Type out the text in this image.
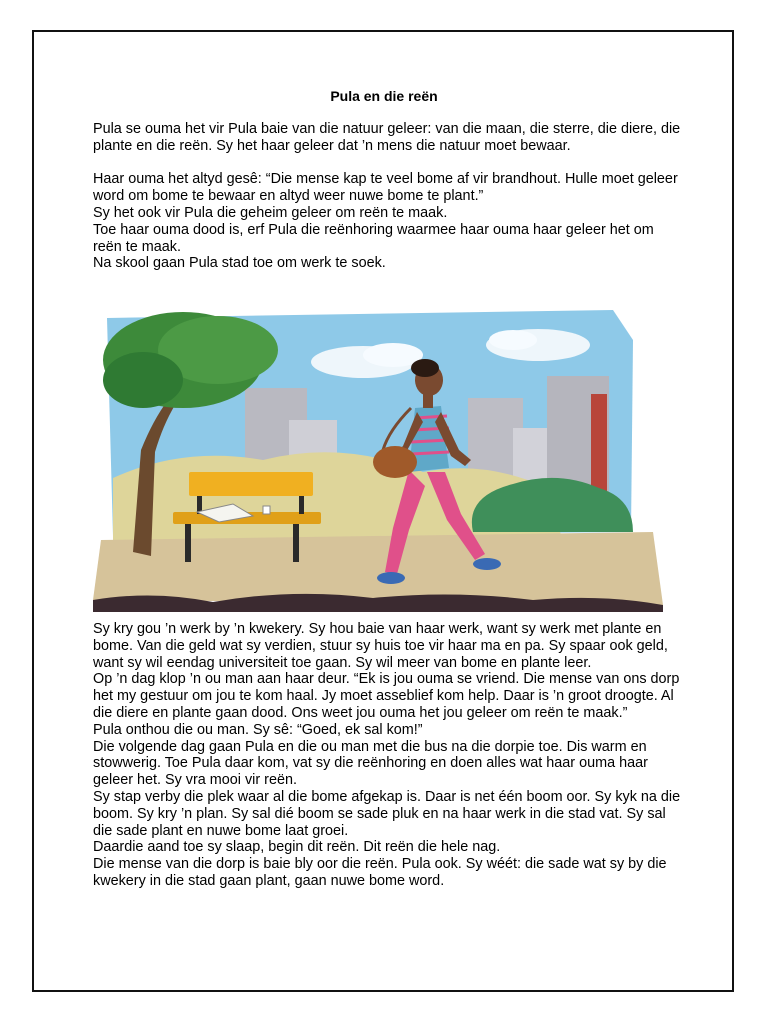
Pula en die reën

Pula se ouma het vir Pula baie van die natuur geleer: van die maan, die sterre, die diere, die plante en die reën. Sy het haar geleer dat ’n mens die natuur moet bewaar.

Haar ouma het altyd gesê: “Die mense kap te veel bome af vir brandhout. Hulle moet geleer word om bome te bewaar en altyd weer nuwe bome te plant.”

Sy het ook vir Pula die geheim geleer om reën te maak.

Toe haar ouma dood is, erf Pula die reënhoring waarmee haar ouma haar geleer het om reën te maak.

Na skool gaan Pula stad toe om werk te soek.

Sy kry gou ’n werk by ’n kwekery. Sy hou baie van haar werk, want sy werk met plante en bome. Van die geld wat sy verdien, stuur sy huis toe vir haar ma en pa. Sy spaar ook geld, want sy wil eendag universiteit toe gaan. Sy wil meer van bome en plante leer.

Op ’n dag klop ’n ou man aan haar deur. “Ek is jou ouma se vriend. Die mense van ons dorp het my gestuur om jou te kom haal. Jy moet asseblief kom help. Daar is ’n groot droogte. Al die diere en plante gaan dood. Ons weet jou ouma het jou geleer om reën te maak.”

Pula onthou die ou man. Sy sê: “Goed, ek sal kom!”

Die volgende dag gaan Pula en die ou man met die bus na die dorpie toe. Dis warm en stowwerig. Toe Pula daar kom, vat sy die reënhoring en doen alles wat haar ouma haar geleer het. Sy vra mooi vir reën.

Sy stap verby die plek waar al die bome afgekap is. Daar is net één boom oor. Sy kyk na die boom. Sy kry ’n plan. Sy sal dié boom se sade pluk en na haar werk in die stad vat. Sy sal die sade plant en nuwe bome laat groei.

Daardie aand toe sy slaap, begin dit reën. Dit reën die hele nag.

Die mense van die dorp is baie bly oor die reën. Pula ook. Sy wéét: die sade wat sy by die kwekery in die stad gaan plant, gaan nuwe bome word.
